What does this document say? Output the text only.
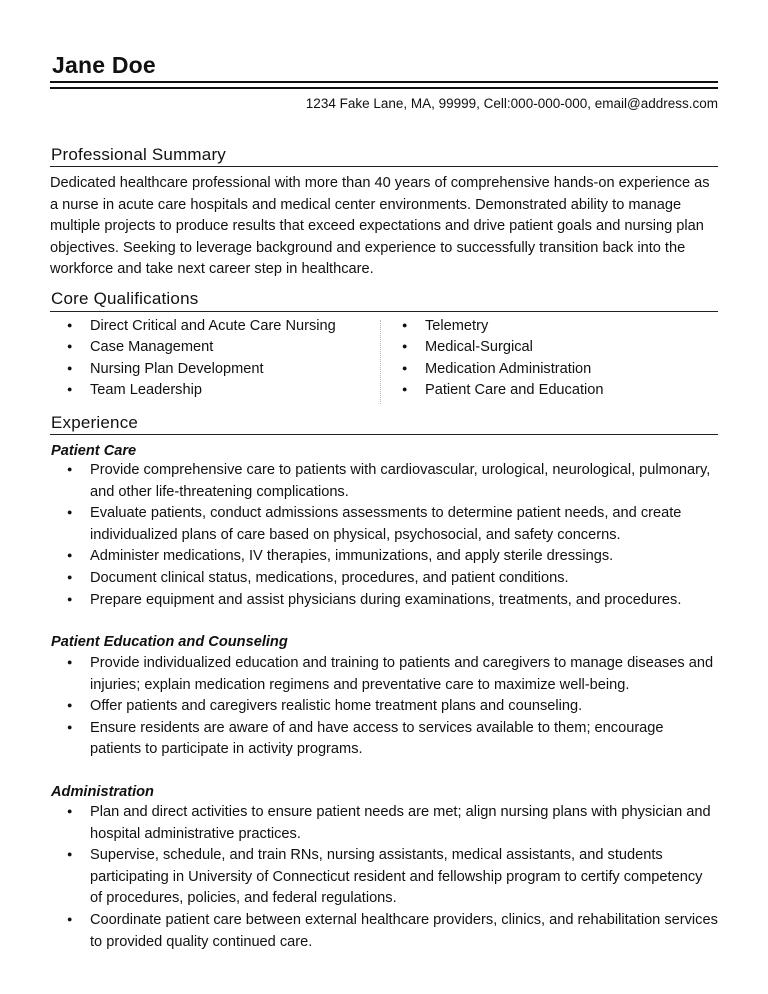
Jane Doe
1234 Fake Lane, MA, 99999, Cell:000-000-000, email@address.com
Professional Summary
Dedicated healthcare professional with more than 40 years of comprehensive hands-on experience as a nurse in acute care hospitals and medical center environments. Demonstrated ability to manage multiple projects to produce results that exceed expectations and drive patient goals and nursing plan objectives. Seeking to leverage background and experience to successfully transition back into the workforce and take next career step in healthcare.
Core Qualifications
● Direct Critical and Acute Care Nursing
● Case Management
● Nursing Plan Development
● Team Leadership
● Telemetry
● Medical-Surgical
● Medication Administration
● Patient Care and Education
Experience
Patient Care
● Provide comprehensive care to patients with cardiovascular, urological, neurological, pulmonary, and other life-threatening complications.
● Evaluate patients, conduct admissions assessments to determine patient needs, and create individualized plans of care based on physical, psychosocial, and safety concerns.
● Administer medications, IV therapies, immunizations, and apply sterile dressings.
● Document clinical status, medications, procedures, and patient conditions.
● Prepare equipment and assist physicians during examinations, treatments, and procedures.
Patient Education and Counseling
● Provide individualized education and training to patients and caregivers to manage diseases and injuries; explain medication regimens and preventative care to maximize well-being.
● Offer patients and caregivers realistic home treatment plans and counseling.
● Ensure residents are aware of and have access to services available to them; encourage patients to participate in activity programs.
Administration
● Plan and direct activities to ensure patient needs are met; align nursing plans with physician and hospital administrative practices.
● Supervise, schedule, and train RNs, nursing assistants, medical assistants, and students participating in University of Connecticut resident and fellowship program to certify competency of procedures, policies, and federal regulations.
● Coordinate patient care between external healthcare providers, clinics, and rehabilitation services to provided quality continued care.
